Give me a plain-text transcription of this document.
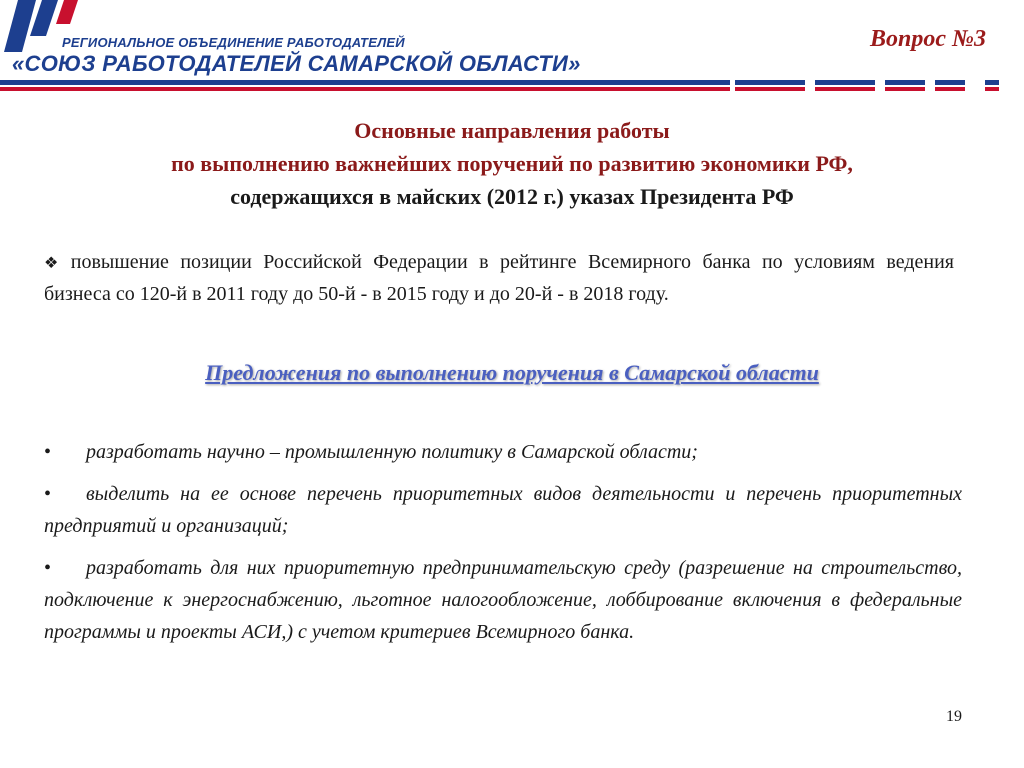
РЕГИОНАЛЬНОЕ ОБЪЕДИНЕНИЕ РАБОТОДАТЕЛЕЙ
«СОЮЗ РАБОТОДАТЕЛЕЙ САМАРСКОЙ ОБЛАСТИ»
Вопрос №3
Основные направления работы
по выполнению важнейших поручений по развитию экономики РФ,
содержащихся в майских (2012 г.) указах Президента РФ
❖ повышение позиции Российской Федерации в рейтинге Всемирного банка по условиям ведения бизнеса со 120-й в 2011 году до 50-й - в 2015 году и до 20-й - в 2018 году.
Предложения по выполнению поручения в Самарской области
• разработать научно – промышленную политику в Самарской области;
• выделить на ее основе перечень приоритетных видов деятельности и перечень приоритетных предприятий и организаций;
• разработать для них приоритетную предпринимательскую среду (разрешение на строительство, подключение к энергоснабжению, льготное налогообложение, лоббирование включения в федеральные программы и проекты АСИ,) с учетом критериев Всемирного банка.
19
